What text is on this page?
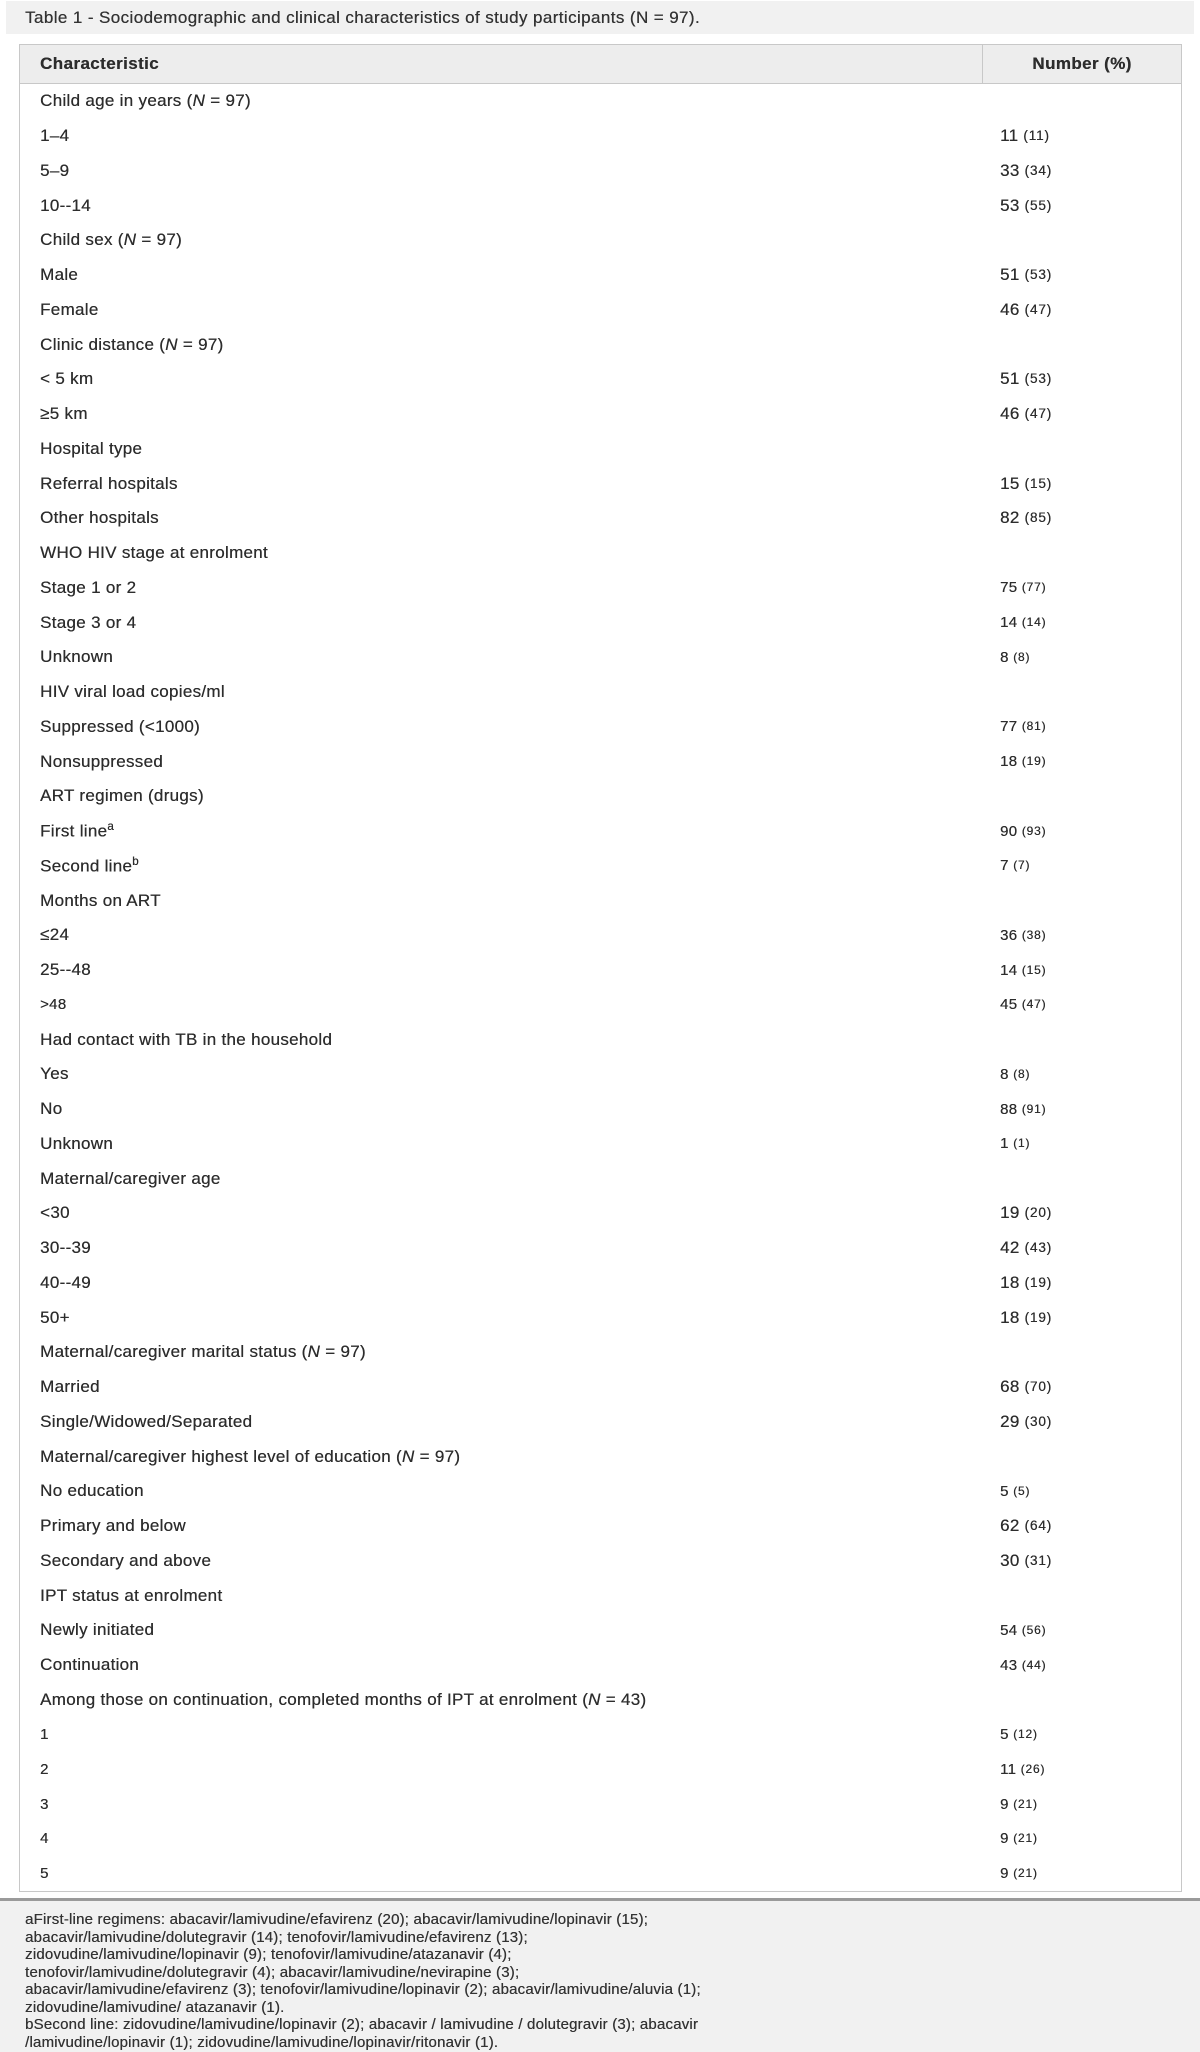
Table 1 - Sociodemographic and clinical characteristics of study participants (N = 97).
Characteristic	Number (%)
Child age in years (N = 97)
1–4	11 (11)
5–9	33 (34)
10--14	53 (55)
Child sex (N = 97)
Male	51 (53)
Female	46 (47)
Clinic distance (N = 97)
< 5 km	51 (53)
≥5 km	46 (47)
Hospital type
Referral hospitals	15 (15)
Other hospitals	82 (85)
WHO HIV stage at enrolment
Stage 1 or 2	75 (77)
Stage 3 or 4	14 (14)
Unknown	8 (8)
HIV viral load copies/ml
Suppressed (<1000)	77 (81)
Nonsuppressed	18 (19)
ART regimen (drugs)
First line$^a$	90 (93)
Second line$^b$	7 (7)
Months on ART
≤24	36 (38)
25--48	14 (15)
>48	45 (47)
Had contact with TB in the household
Yes	8 (8)
No	88 (91)
Unknown	1 (1)
Maternal/caregiver age
<30	19 (20)
30--39	42 (43)
40--49	18 (19)
50+	18 (19)
Maternal/caregiver marital status (N = 97)
Married	68 (70)
Single/Widowed/Separated	29 (30)
Maternal/caregiver highest level of education (N = 97)
No education	5 (5)
Primary and below	62 (64)
Secondary and above	30 (31)
IPT status at enrolment
Newly initiated	54 (56)
Continuation	43 (44)
Among those on continuation, completed months of IPT at enrolment (N = 43)
1	5 (12)
2	11 (26)
3	9 (21)
4	9 (21)
5	9 (21)
aFirst-line regimens: abacavir/lamivudine/efavirenz (20); abacavir/lamivudine/lopinavir (15);
abacavir/lamivudine/dolutegravir (14); tenofovir/lamivudine/efavirenz (13);
zidovudine/lamivudine/lopinavir (9); tenofovir/lamivudine/atazanavir (4);
tenofovir/lamivudine/dolutegravir (4); abacavir/lamivudine/nevirapine (3);
abacavir/lamivudine/efavirenz (3); tenofovir/lamivudine/lopinavir (2); abacavir/lamivudine/aluvia (1);
zidovudine/lamivudine/ atazanavir (1).
bSecond line: zidovudine/lamivudine/lopinavir (2); abacavir / lamivudine / dolutegravir (3); abacavir
/lamivudine/lopinavir (1); zidovudine/lamivudine/lopinavir/ritonavir (1).
